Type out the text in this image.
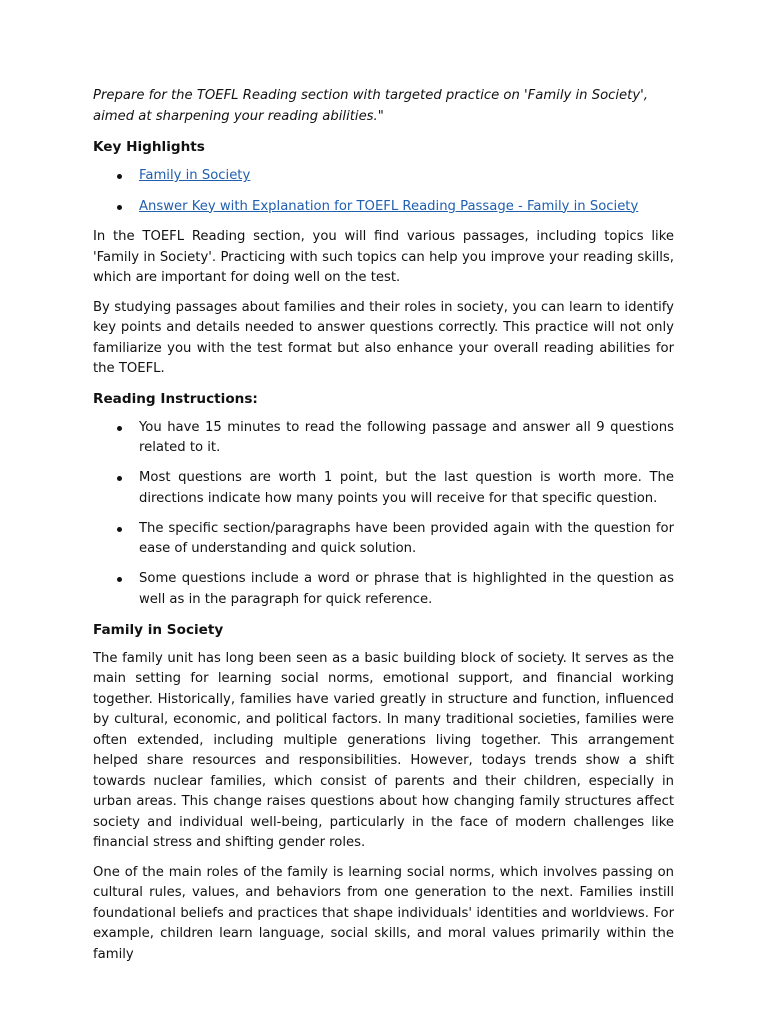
Prepare for the TOEFL Reading section with targeted practice on 'Family in Society', aimed at sharpening your reading abilities."

Key Highlights
Family in Society
Answer Key with Explanation for TOEFL Reading Passage - Family in Society

In the TOEFL Reading section, you will find various passages, including topics like 'Family in Society'. Practicing with such topics can help you improve your reading skills, which are important for doing well on the test.

By studying passages about families and their roles in society, you can learn to identify key points and details needed to answer questions correctly. This practice will not only familiarize you with the test format but also enhance your overall reading abilities for the TOEFL.

Reading Instructions:
You have 15 minutes to read the following passage and answer all 9 questions related to it.
Most questions are worth 1 point, but the last question is worth more. The directions indicate how many points you will receive for that specific question.
The specific section/paragraphs have been provided again with the question for ease of understanding and quick solution.
Some questions include a word or phrase that is highlighted in the question as well as in the paragraph for quick reference.
Family in Society

The family unit has long been seen as a basic building block of society. It serves as the main setting for learning social norms, emotional support, and financial working together. Historically, families have varied greatly in structure and function, influenced by cultural, economic, and political factors. In many traditional societies, families were often extended, including multiple generations living together. This arrangement helped share resources and responsibilities. However, todays trends show a shift towards nuclear families, which consist of parents and their children, especially in urban areas. This change raises questions about how changing family structures affect society and individual well-being, particularly in the face of modern challenges like financial stress and shifting gender roles.

One of the main roles of the family is learning social norms, which involves passing on cultural rules, values, and behaviors from one generation to the next. Families instill foundational beliefs and practices that shape individuals' identities and worldviews. For example, children learn language, social skills, and moral values primarily within the family
